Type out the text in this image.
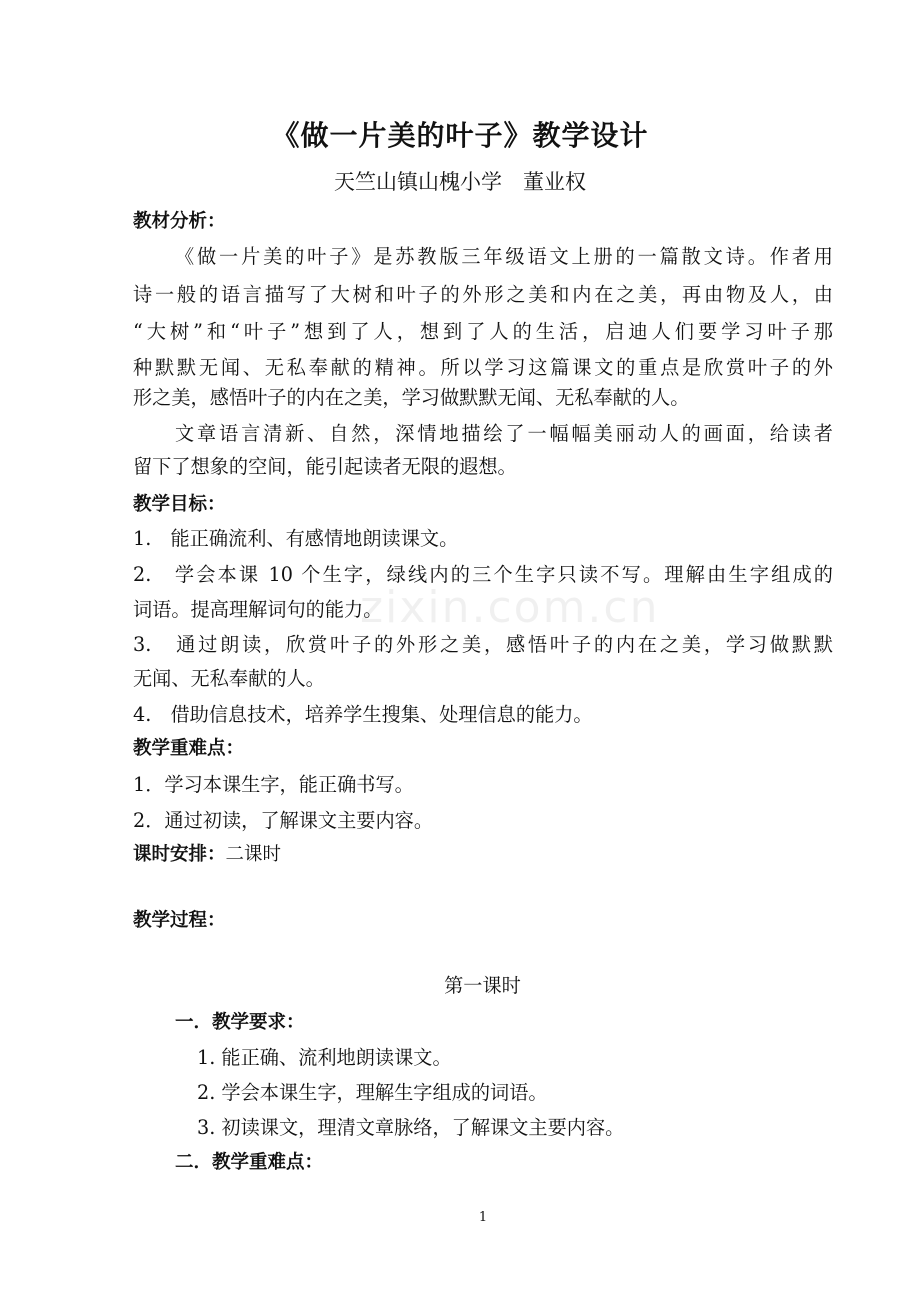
zixin.com.cn
《做一片美的叶子》教学设计
天竺山镇山槐小学　董业权
教材分析：
《做一片美的叶子》是苏教版三年级语文上册的一篇散文诗。作者用
诗一般的语言描写了大树和叶子的外形之美和内在之美，再由物及人，由
“大树”和“叶子”想到了人，想到了人的生活，启迪人们要学习叶子那
种默默无闻、无私奉献的精神。所以学习这篇课文的重点是欣赏叶子的外
形之美，感悟叶子的内在之美，学习做默默无闻、无私奉献的人。
文章语言清新、自然，深情地描绘了一幅幅美丽动人的画面，给读者
留下了想象的空间，能引起读者无限的遐想。
教学目标：
1.　能正确流利、有感情地朗读课文。
2.　学会本课 10 个生字，绿线内的三个生字只读不写。理解由生字组成的
词语。提高理解词句的能力。
3.　通过朗读，欣赏叶子的外形之美，感悟叶子的内在之美，学习做默默
无闻、无私奉献的人。
4.　借助信息技术，培养学生搜集、处理信息的能力。
教学重难点：
1．学习本课生字，能正确书写。
2．通过初读，了解课文主要内容。
课时安排：二课时
教学过程：
第一课时
一．教学要求：
1. 能正确、流利地朗读课文。
2. 学会本课生字，理解生字组成的词语。
3. 初读课文，理清文章脉络，了解课文主要内容。
二．教学重难点：
1
